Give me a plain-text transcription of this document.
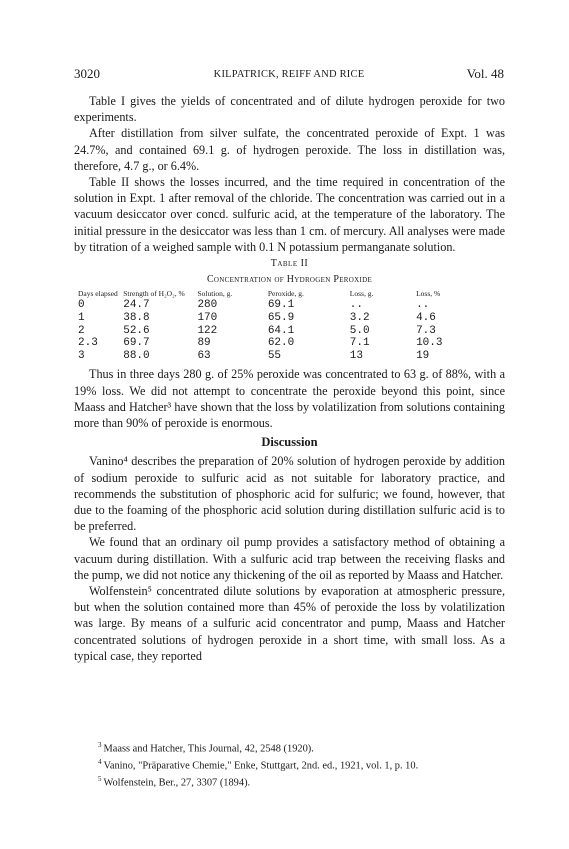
3020	KILPATRICK, REIFF AND RICE	Vol. 48

Table I gives the yields of concentrated and of dilute hydrogen peroxide for two experiments.

After distillation from silver sulfate, the concentrated peroxide of Expt. 1 was 24.7%, and contained 69.1 g. of hydrogen peroxide. The loss in distillation was, therefore, 4.7 g., or 6.4%.

Table II shows the losses incurred, and the time required in concentration of the solution in Expt. 1 after removal of the chloride. The concentration was carried out in a vacuum desiccator over concd. sulfuric acid, at the temperature of the laboratory. The initial pressure in the desiccator was less than 1 cm. of mercury. All analyses were made by titration of a weighed sample with 0.1 N potassium permanganate solution.

Table II
Concentration of Hydrogen Peroxide
Days elapsed	Strength of H₂O₂, %	Solution, g.	Peroxide, g.	Loss, g.	Loss, %
0	24.7	280	69.1	..	..
1	38.8	170	65.9	3.2	4.6
2	52.6	122	64.1	5.0	7.3
2.3	69.7	89	62.0	7.1	10.3
3	88.0	63	55	13	19

Thus in three days 280 g. of 25% peroxide was concentrated to 63 g. of 88%, with a 19% loss. We did not attempt to concentrate the peroxide beyond this point, since Maass and Hatcher³ have shown that the loss by volatilization from solutions containing more than 90% of peroxide is enormous.

Discussion

Vanino⁴ describes the preparation of 20% solution of hydrogen peroxide by addition of sodium peroxide to sulfuric acid as not suitable for laboratory practice, and recommends the substitution of phosphoric acid for sulfuric; we found, however, that due to the foaming of the phosphoric acid solution during distillation sulfuric acid is to be preferred.

We found that an ordinary oil pump provides a satisfactory method of obtaining a vacuum during distillation. With a sulfuric acid trap between the receiving flasks and the pump, we did not notice any thickening of the oil as reported by Maass and Hatcher.

Wolfenstein⁵ concentrated dilute solutions by evaporation at atmospheric pressure, but when the solution contained more than 45% of peroxide the loss by volatilization was large. By means of a sulfuric acid concentrator and pump, Maass and Hatcher concentrated solutions of hydrogen peroxide in a short time, with small loss. As a typical case, they reported

$^3$ Maass and Hatcher, This Journal, 42, 2548 (1920).
$^4$ Vanino, "Präparative Chemie," Enke, Stuttgart, 2nd. ed., 1921, vol. 1, p. 10.
$^5$ Wolfenstein, Ber., 27, 3307 (1894).
